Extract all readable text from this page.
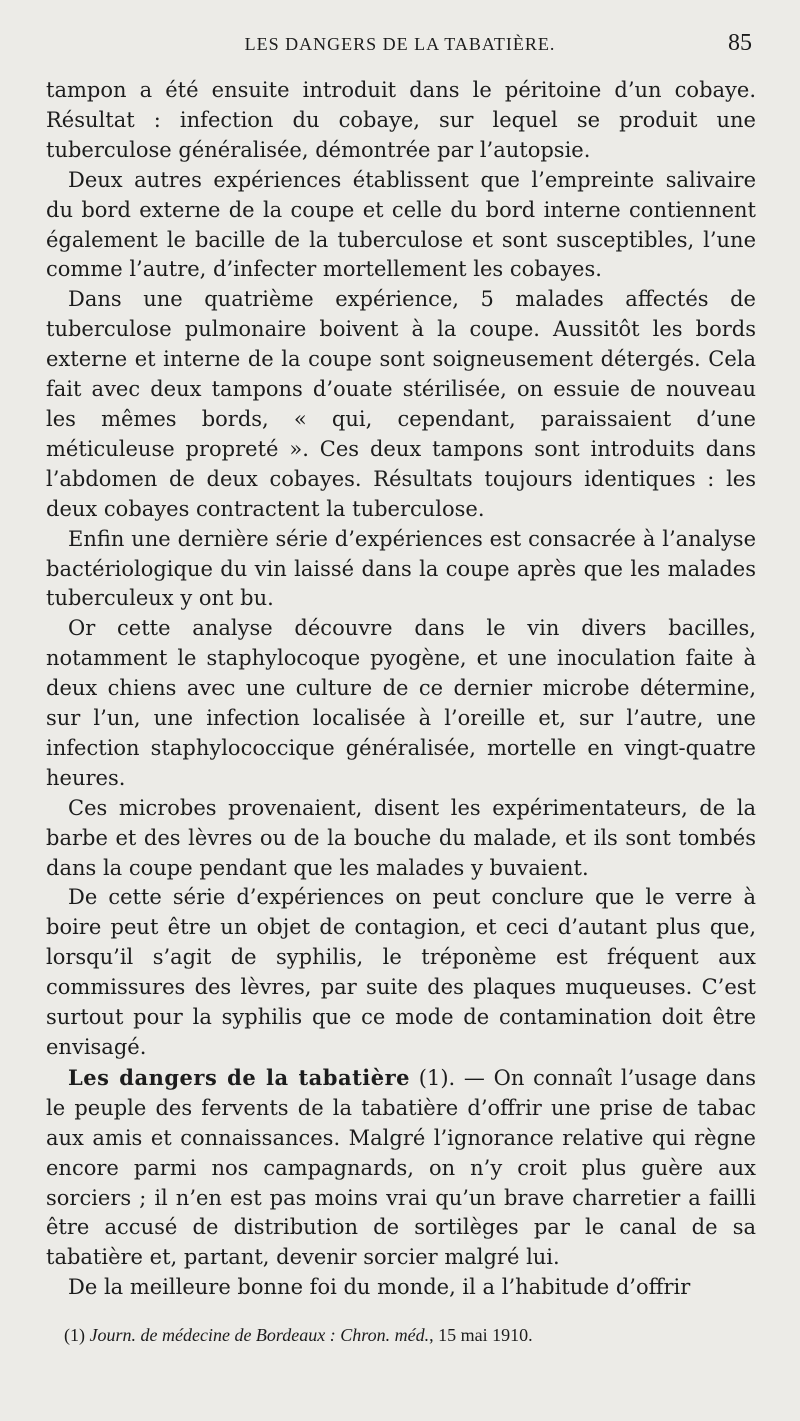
LES DANGERS DE LA TABATIÈRE.	85

tampon a été ensuite introduit dans le péritoine d’un cobaye. Résultat : infection du cobaye, sur lequel se produit une tuberculose généralisée, démontrée par l’autopsie.

Deux autres expériences établissent que l’empreinte salivaire du bord externe de la coupe et celle du bord interne contiennent également le bacille de la tuberculose et sont susceptibles, l’une comme l’autre, d’infecter mortellement les cobayes.

Dans une quatrième expérience, 5 malades affectés de tuberculose pulmonaire boivent à la coupe. Aussitôt les bords externe et interne de la coupe sont soigneusement détergés. Cela fait avec deux tampons d’ouate stérilisée, on essuie de nouveau les mêmes bords, « qui, cependant, paraissaient d’une méticuleuse propreté ». Ces deux tampons sont introduits dans l’abdomen de deux cobayes. Résultats toujours identiques : les deux cobayes contractent la tuberculose.

Enfin une dernière série d’expériences est consacrée à l’analyse bactériologique du vin laissé dans la coupe après que les malades tuberculeux y ont bu.

Or cette analyse découvre dans le vin divers bacilles, notamment le staphylocoque pyogène, et une inoculation faite à deux chiens avec une culture de ce dernier microbe détermine, sur l’un, une infection localisée à l’oreille et, sur l’autre, une infection staphylococcique généralisée, mortelle en vingt-quatre heures.

Ces microbes provenaient, disent les expérimentateurs, de la barbe et des lèvres ou de la bouche du malade, et ils sont tombés dans la coupe pendant que les malades y buvaient.

De cette série d’expériences on peut conclure que le verre à boire peut être un objet de contagion, et ceci d’autant plus que, lorsqu’il s’agit de syphilis, le tréponème est fréquent aux commissures des lèvres, par suite des plaques muqueuses. C’est surtout pour la syphilis que ce mode de contamination doit être envisagé.

Les dangers de la tabatière (1). — On connaît l’usage dans le peuple des fervents de la tabatière d’offrir une prise de tabac aux amis et connaissances. Malgré l’ignorance relative qui règne encore parmi nos campagnards, on n’y croit plus guère aux sorciers ; il n’en est pas moins vrai qu’un brave charretier a failli être accusé de distribution de sortilèges par le canal de sa tabatière et, partant, devenir sorcier malgré lui.

De la meilleure bonne foi du monde, il a l’habitude d’offrir

(1) Journ. de médecine de Bordeaux : Chron. méd., 15 mai 1910.
